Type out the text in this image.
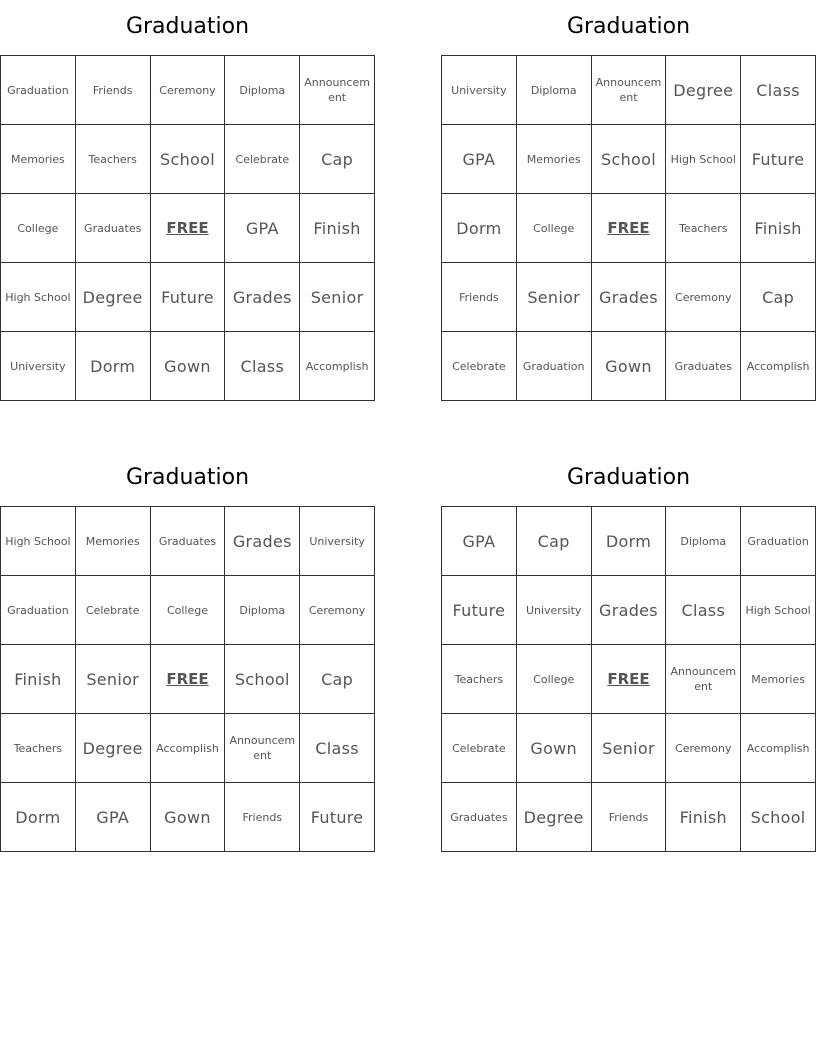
Graduation
Graduation	Friends	Ceremony	Diploma	Announcement
Memories	Teachers	School	Celebrate	Cap
College	Graduates	FREE	GPA	Finish
High School	Degree	Future	Grades	Senior
University	Dorm	Gown	Class	Accomplish
Graduation
University	Diploma	Announcement	Degree	Class
GPA	Memories	School	High School	Future
Dorm	College	FREE	Teachers	Finish
Friends	Senior	Grades	Ceremony	Cap
Celebrate	Graduation	Gown	Graduates	Accomplish
Graduation
High School	Memories	Graduates	Grades	University
Graduation	Celebrate	College	Diploma	Ceremony
Finish	Senior	FREE	School	Cap
Teachers	Degree	Accomplish	Announcement	Class
Dorm	GPA	Gown	Friends	Future
Graduation
GPA	Cap	Dorm	Diploma	Graduation
Future	University	Grades	Class	High School
Teachers	College	FREE	Announcement	Memories
Celebrate	Gown	Senior	Ceremony	Accomplish
Graduates	Degree	Friends	Finish	School
